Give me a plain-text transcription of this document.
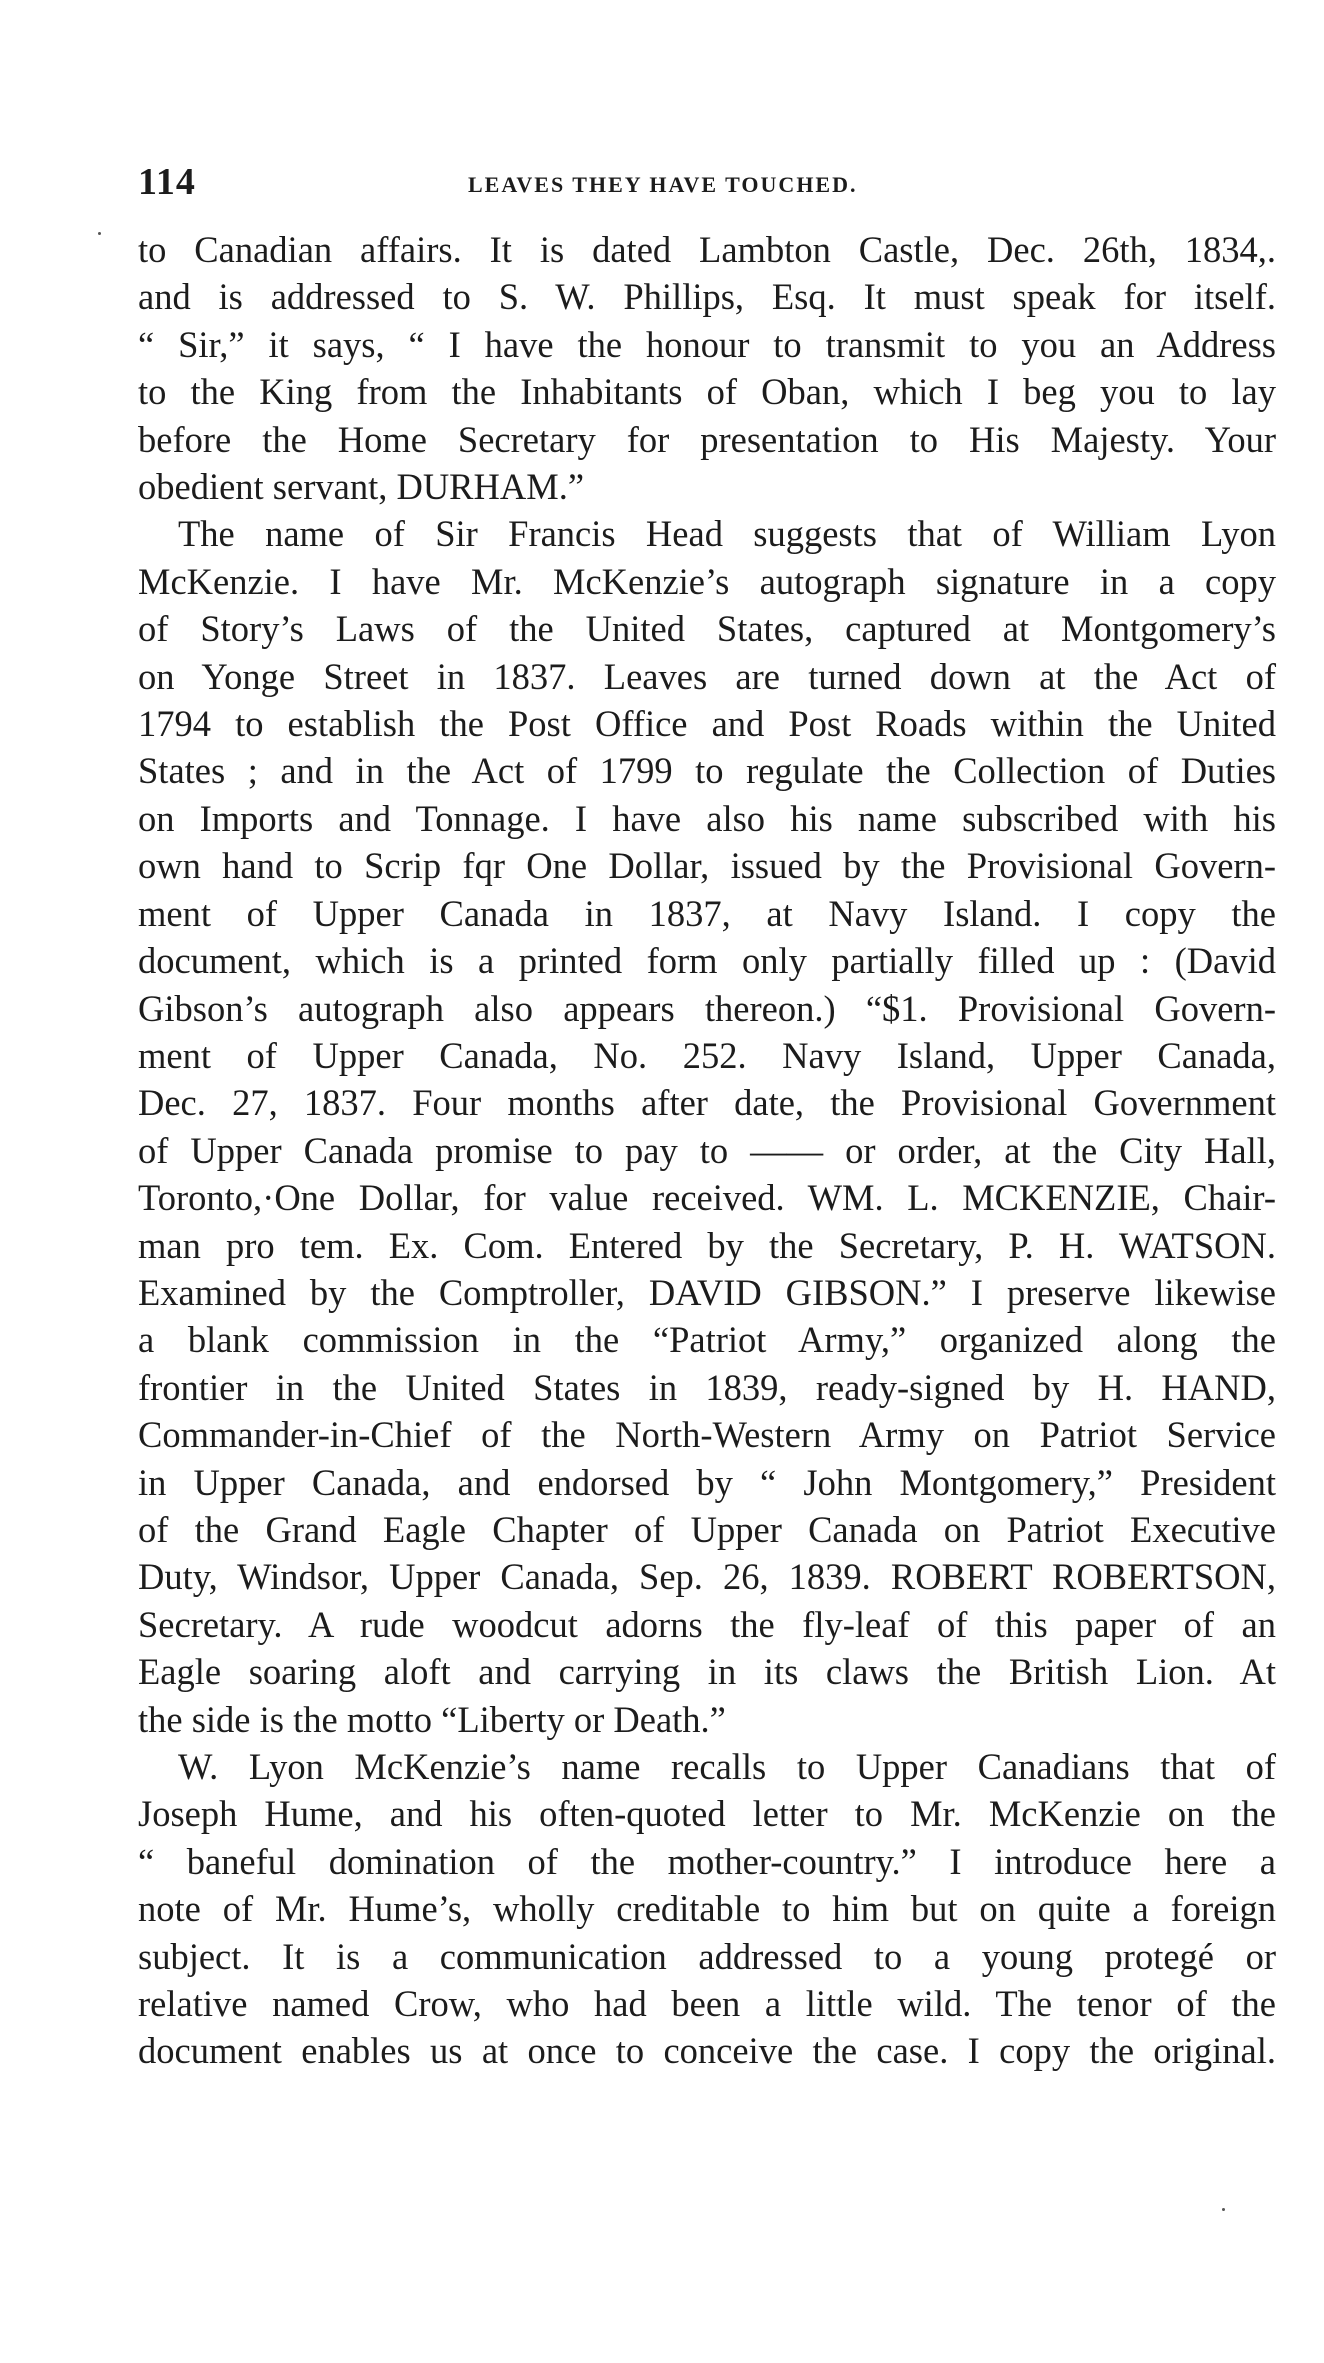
114	LEAVES THEY HAVE TOUCHED.
to Canadian affairs. It is dated Lambton Castle, Dec. 26th, 1834,.
and is addressed to S. W. Phillips, Esq. It must speak for itself.
“ Sir,” it says, “ I have the honour to transmit to you an Address
to the King from the Inhabitants of Oban, which I beg you to lay
before the Home Secretary for presentation to His Majesty. Your
obedient servant, DURHAM.”
The name of Sir Francis Head suggests that of William Lyon
McKenzie. I have Mr. McKenzie’s autograph signature in a copy
of Story’s Laws of the United States, captured at Montgomery’s
on Yonge Street in 1837. Leaves are turned down at the Act of
1794 to establish the Post Office and Post Roads within the United
States ; and in the Act of 1799 to regulate the Collection of Duties
on Imports and Tonnage. I have also his name subscribed with his
own hand to Scrip fqr One Dollar, issued by the Provisional Govern-
ment of Upper Canada in 1837, at Navy Island. I copy the
document, which is a printed form only partially filled up : (David
Gibson’s autograph also appears thereon.) “$1. Provisional Govern-
ment of Upper Canada, No. 252. Navy Island, Upper Canada,
Dec. 27, 1837. Four months after date, the Provisional Government
of Upper Canada promise to pay to —— or order, at the City Hall,
Toronto,·One Dollar, for value received. WM. L. MCKENZIE, Chair-
man pro tem. Ex. Com. Entered by the Secretary, P. H. WATSON.
Examined by the Comptroller, DAVID GIBSON.” I preserve likewise
a blank commission in the “Patriot Army,” organized along the
frontier in the United States in 1839, ready-signed by H. HAND,
Commander-in-Chief of the North-Western Army on Patriot Service
in Upper Canada, and endorsed by “ John Montgomery,” President
of the Grand Eagle Chapter of Upper Canada on Patriot Executive
Duty, Windsor, Upper Canada, Sep. 26, 1839. ROBERT ROBERTSON,
Secretary. A rude woodcut adorns the fly-leaf of this paper of an
Eagle soaring aloft and carrying in its claws the British Lion. At
the side is the motto “Liberty or Death.”
W. Lyon McKenzie’s name recalls to Upper Canadians that of
Joseph Hume, and his often-quoted letter to Mr. McKenzie on the
“ baneful domination of the mother-country.” I introduce here a
note of Mr. Hume’s, wholly creditable to him but on quite a foreign
subject. It is a communication addressed to a young protegé or
relative named Crow, who had been a little wild. The tenor of the
document enables us at once to conceive the case. I copy the original.
